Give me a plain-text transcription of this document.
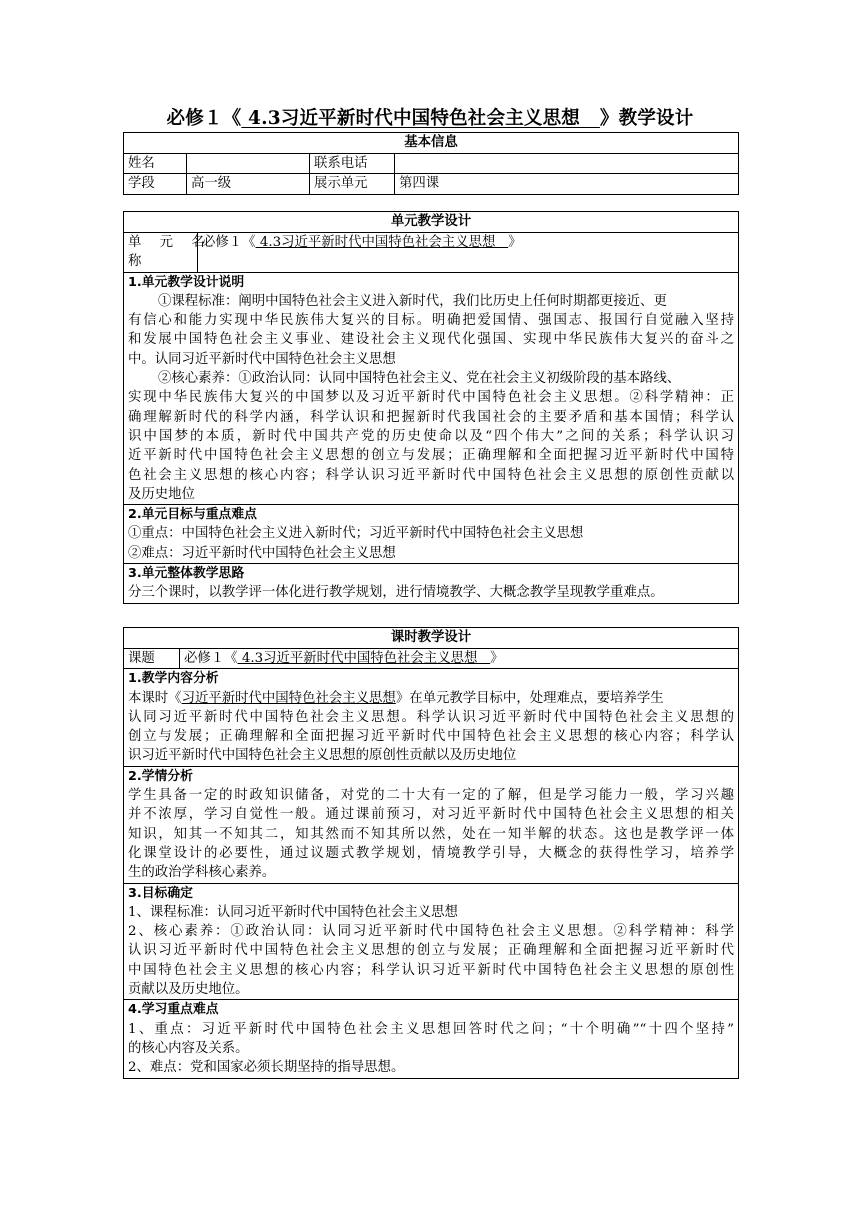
必修１《 4.3习近平新时代中国特色社会主义思想   》教学设计
基本信息			
姓名		联系电话	
学段	高一级	展示单元	第四课
单元教学设计

单 元 名
称
	必修１《 4.3习近平新时代中国特色社会主义思想   》

1.单元教学设计说明
①课程标准：阐明中国特色社会主义进入新时代，我们比历史上任何时期都更接近、更
有信心和能力实现中华民族伟大复兴的目标。明确把爱国情、强国志、报国行自觉融入坚持
和发展中国特色社会主义事业、建设社会主义现代化强国、实现中华民族伟大复兴的奋斗之
中。认同习近平新时代中国特色社会主义思想
②核心素养：①政治认同：认同中国特色社会主义、党在社会主义初级阶段的基本路线、
实现中华民族伟大复兴的中国梦以及习近平新时代中国特色社会主义思想。②科学精神：正
确理解新时代的科学内涵，科学认识和把握新时代我国社会的主要矛盾和基本国情；科学认
识中国梦的本质，新时代中国共产党的历史使命以及“四个伟大”之间的关系；科学认识习
近平新时代中国特色社会主义思想的创立与发展；正确理解和全面把握习近平新时代中国特
色社会主义思想的核心内容；科学认识习近平新时代中国特色社会主义思想的原创性贡献以
及历史地位

2.单元目标与重点难点
①重点：中国特色社会主义进入新时代；习近平新时代中国特色社会主义思想
②难点：习近平新时代中国特色社会主义思想

3.单元整体教学思路
分三个课时，以教学评一体化进行教学规划，进行情境教学、大概念教学呈现教学重难点。
课时教学设计
课题	必修１《 4.3习近平新时代中国特色社会主义思想   》

1.教学内容分析
本课时《习近平新时代中国特色社会主义思想》在单元教学目标中，处理难点，要培养学生
认同习近平新时代中国特色社会主义思想。科学认识习近平新时代中国特色社会主义思想的
创立与发展；正确理解和全面把握习近平新时代中国特色社会主义思想的核心内容；科学认
识习近平新时代中国特色社会主义思想的原创性贡献以及历史地位

2.学情分析
学生具备一定的时政知识储备，对党的二十大有一定的了解，但是学习能力一般，学习兴趣
并不浓厚，学习自觉性一般。通过课前预习，对习近平新时代中国特色社会主义思想的相关
知识，知其一不知其二，知其然而不知其所以然，处在一知半解的状态。这也是教学评一体
化课堂设计的必要性，通过议题式教学规划，情境教学引导，大概念的获得性学习，培养学
生的政治学科核心素养。

3.目标确定
1、课程标准：认同习近平新时代中国特色社会主义思想
2、核心素养：①政治认同：认同习近平新时代中国特色社会主义思想。②科学精神：科学
认识习近平新时代中国特色社会主义思想的创立与发展；正确理解和全面把握习近平新时代
中国特色社会主义思想的核心内容；科学认识习近平新时代中国特色社会主义思想的原创性
贡献以及历史地位。

4.学习重点难点
1、重点：习近平新时代中国特色社会主义思想回答时代之问；“十个明确”“十四个坚持”
的核心内容及关系。
2、难点：党和国家必须长期坚持的指导思想。
